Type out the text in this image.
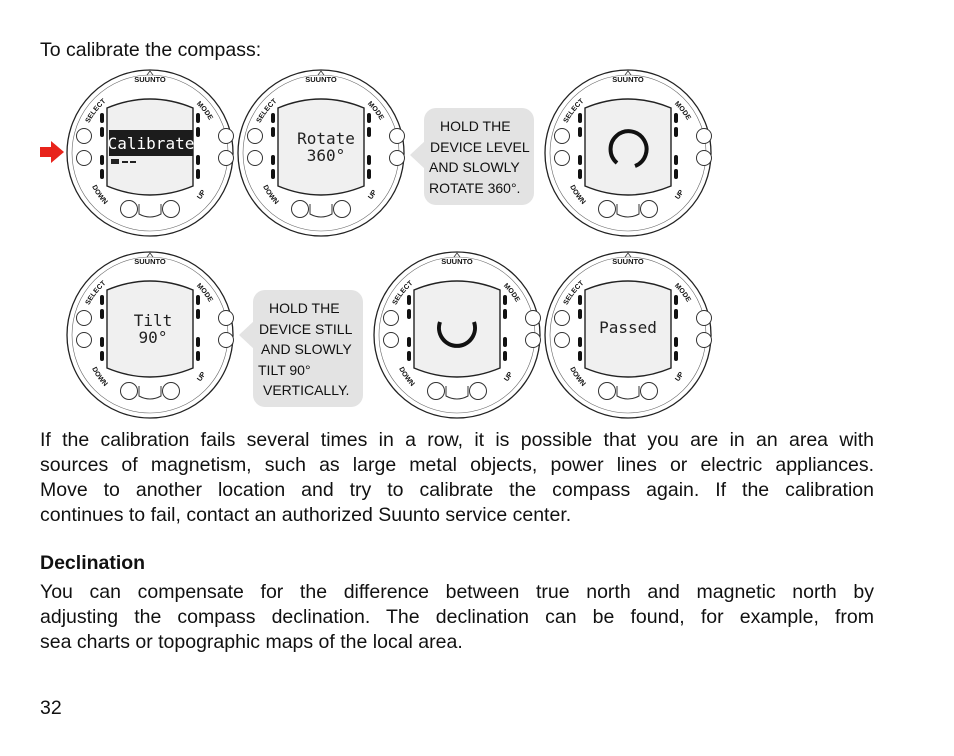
To calibrate the compass:

SUUNTO
SELECT	MODE
DOWN
UP
Calibrate
SUUNTO
SELECT	MODE
DOWN
UP
Rotate
360°
HOLD THE
DEVICE LEVEL
AND SLOWLY
ROTATE 360°.
SUUNTO
SELECT	MODE
DOWN
UP
SUUNTO
SELECT	MODE
DOWN
UP
Tilt
90°
HOLD THE
DEVICE STILL
AND SLOWLY
TILT 90°
VERTICALLY.
SUUNTO
SELECT	MODE
DOWN
UP
SUUNTO
SELECT	MODE
DOWN
UP
Passed
If the calibration fails several times in a row, it is possible that you are in an area with
sources of magnetism, such as large metal objects, power lines or electric appliances.
Move to another location and try to calibrate the compass again. If the calibration
continues to fail, contact an authorized Suunto service center.

Declination

You can compensate for the difference between true north and magnetic north by
adjusting the compass declination. The declination can be found, for example, from
sea charts or topographic maps of the local area.

32
